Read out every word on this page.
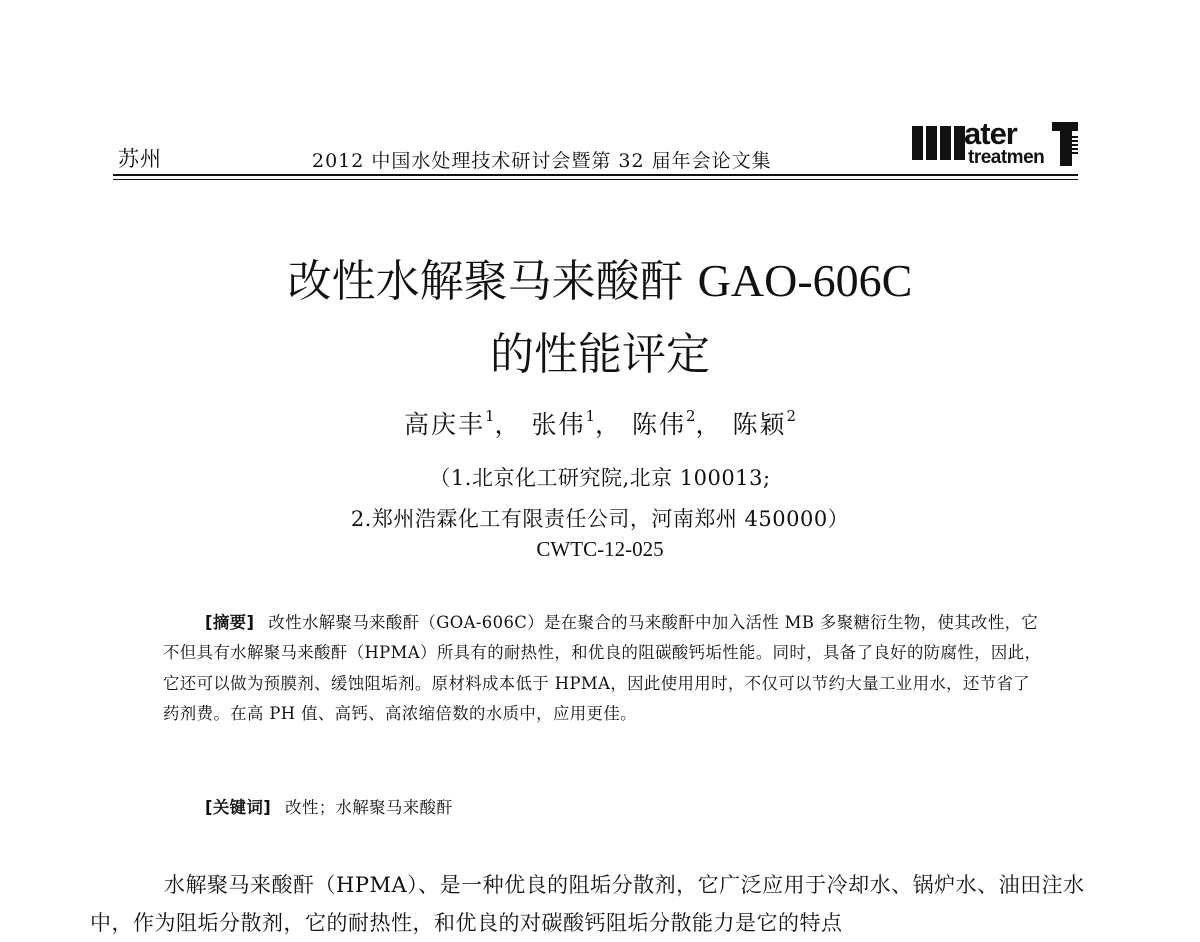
苏州	2012 中国水处理技术研讨会暨第 32 届年会论文集
ater
treatmen
改性水解聚马来酸酐 GAO-606C
的性能评定
高庆丰$^1$， 张伟$^1$， 陈伟$^2$， 陈颖$^2$
（1.北京化工研究院,北京 100013;
2.郑州浩霖化工有限责任公司，河南郑州 450000）
CWTC-12-025
[摘要] 改性水解聚马来酸酐（GOA-606C）是在聚合的马来酸酐中加入活性 MB 多聚糖衍生物，使其改性，它不但具有水解聚马来酸酐（HPMA）所具有的耐热性，和优良的阻碳酸钙垢性能。同时，具备了良好的防腐性，因此，它还可以做为预膜剂、缓蚀阻垢剂。原材料成本低于 HPMA，因此使用用时，不仅可以节约大量工业用水，还节省了药剂费。在高 PH 值、高钙、高浓缩倍数的水质中，应用更佳。
[关键词] 改性；水解聚马来酸酐
水解聚马来酸酐（HPMA）、是一种优良的阻垢分散剂，它广泛应用于冷却水、锅炉水、油田注水中，作为阻垢分散剂，它的耐热性，和优良的对碳酸钙阻垢分散能力是它的特点
